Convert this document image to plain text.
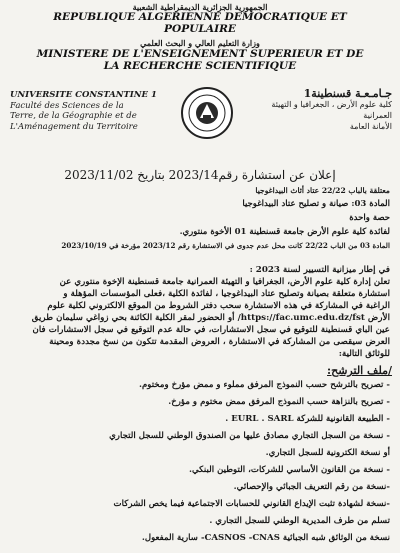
الجمهورية الجزائرية الديمقراطية الشعبية
REPUBLIQUE ALGERIENNE DEMOCRATIQUE ET
POPULAIRE
وزارة التعليم العالي و البحث العلمي
MINISTERE DE L'ENSEIGNEMENT SUPERIEUR ET DE
LA RECHERCHE SCIENTIFIQUE
UNIVERSITE CONSTANTINE 1
Faculté des Sciences de la
Terre, de la Géographie et de
L'Aménagement du Territoire
جـامـعـة قسنطينة1
كلية علوم الأرض ، الجغرافيا و التهيئة
العمرانية
الأمانة العامة
إعلان عن استشارة رقم2023/14 بتاريخ 2023/11/02
معتلقة بالباب 22/22 عتاد أثاث البيداغوجيا
المادة 03: صيانة و تصليح عتاد البيداغوجيا
حصة واحدة
لفائدة كلية علوم الأرض جامعة قسنطينة 01 الأخوة منتوري.
المادة 03 من الباب 22/22 كانت محل عدم جدوى في الاستشارة رقم 2023/12 مؤرخة في 2023/10/19
في إطار ميزانية التسيير لسنة 2023 :
تعلن إدارة كلية علوم الأرض، الجغرافيا و التهيئة العمرانية جامعة قسنطينة الإخوة منتوري عن
استشارة متعلقة بصيانة وتصليح عتاد البيداغوجيا ، لفائدة الكلية ،فعلى المؤسسات المؤهلة و
الراغبة في المشاركة في هذه الاستشارة سحب دفتر الشروط من الموقع الالكتروني لكلية علوم
الأرض https://fac.umc.edu.dz/fst/ أو الحضور لمقر الكلية الكائنة بحي زواغي سليمان طريق
عين الباي قسنطينة للتوقيع في سجل الاستشارات، في حالة عدم التوقيع في سجل الاستشارات فان
العرض سيقصى من المشاركة في الاستشارة ، العروض المقدمة تتكون من نسخ مجددة ومحينة
للوثائق التالية:
/ملف الترشح:
- تصريح بالترشح حسب النموذج المرفق مملوء و ممض مؤرخ ومختوم.
- تصريح بالنزاهة حسب النموذج المرفق ممض مختوم و مؤرخ.
- الطبيعة القانونية للشركة EURL . SARL .
- نسخة من السجل التجاري مصادق عليها من الصندوق الوطني للسجل التجاري
أو نسخة الكترونية للسجل التجاري.
- نسخة من القانون الأساسي للشركات، التوطين البنكي.
-نسخة من رقم التعريف الجبائي والإحصائي.
-نسخة لشهادة تثبت الإيداع القانوني للحسابات الاجتماعية فيما يخص الشركات
تسلم من طرف المديرية الوطني للسجل التجاري .
نسخة من الوثائق شبه الجبائية CASNOS -CNAS- سارية المفعول.
